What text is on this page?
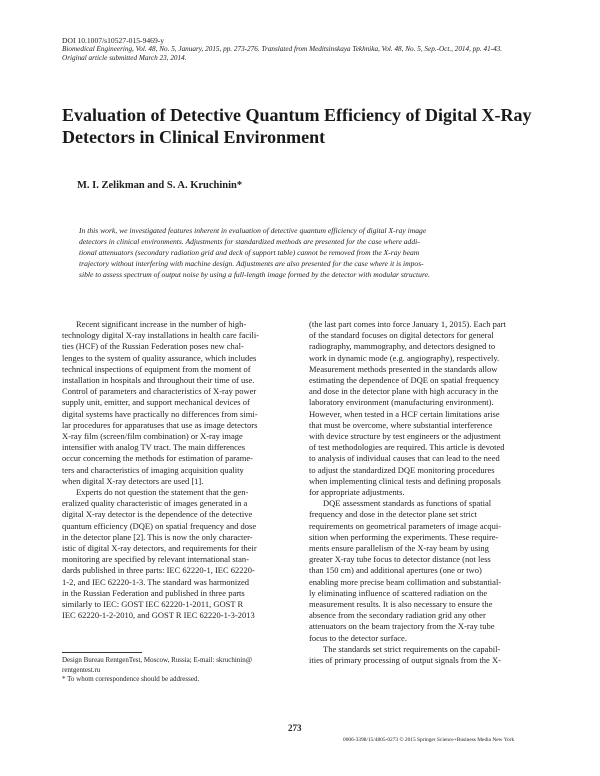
DOI 10.1007/s10527-015-9469-y
Biomedical Engineering, Vol. 48, No. 5, January, 2015, pp. 273-276. Translated from Meditsinskaya Tekhnika, Vol. 48, No. 5, Sep.-Oct., 2014, pp. 41-43.
Original article submitted March 23, 2014.
Evaluation of Detective Quantum Efficiency of Digital X-Ray
Detectors in Clinical Environment
M. I. Zelikman and S. A. Kruchinin*
In this work, we investigated features inherent in evaluation of detective quantum efficiency of digital X-ray image
detectors in clinical environments. Adjustments for standardized methods are presented for the case where addi-
tional attenuators (secondary radiation grid and deck of support table) cannot be removed from the X-ray beam
trajectory without interfering with machine design. Adjustments are also presented for the case where it is impos-
sible to assess spectrum of output noise by using a full-length image formed by the detector with modular structure.
Recent significant increase in the number of high-
technology digital X-ray installations in health care facili-
ties (HCF) of the Russian Federation poses new chal-
lenges to the system of quality assurance, which includes
technical inspections of equipment from the moment of
installation in hospitals and throughout their time of use.
Control of parameters and characteristics of X-ray power
supply unit, emitter, and support mechanical devices of
digital systems have practically no differences from simi-
lar procedures for apparatuses that use as image detectors
X-ray film (screen/film combination) or X-ray image
intensifier with analog TV tract. The main differences
occur concerning the methods for estimation of parame-
ters and characteristics of imaging acquisition quality
when digital X-ray detectors are used [1].
Experts do not question the statement that the gen-
eralized quality characteristic of images generated in a
digital X-ray detector is the dependence of the detective
quantum efficiency (DQE) on spatial frequency and dose
in the detector plane [2]. This is now the only character-
istic of digital X-ray detectors, and requirements for their
monitoring are specified by relevant international stan-
dards published in three parts: IEC 62220-1, IEC 62220-
1-2, and IEC 62220-1-3. The standard was harmonized
in the Russian Federation and published in three parts
similarly to IEC: GOST IEC 62220-1-2011, GOST R
IEC 62220-1-2-2010, and GOST R IEC 62220-1-3-2013
(the last part comes into force January 1, 2015). Each part
of the standard focuses on digital detectors for general
radiography, mammography, and detectors designed to
work in dynamic mode (e.g. angiography), respectively.
Measurement methods presented in the standards allow
estimating the dependence of DQE on spatial frequency
and dose in the detector plane with high accuracy in the
laboratory environment (manufacturing environment).
However, when tested in a HCF certain limitations arise
that must be overcome, where substantial interference
with device structure by test engineers or the adjustment
of test methodologies are required. This article is devoted
to analysis of individual causes that can lead to the need
to adjust the standardized DQE monitoring procedures
when implementing clinical tests and defining proposals
for appropriate adjustments.
DQE assessment standards as functions of spatial
frequency and dose in the detector plane set strict
requirements on geometrical parameters of image acqui-
sition when performing the experiments. These require-
ments ensure parallelism of the X-ray beam by using
greater X-ray tube focus to detector distance (not less
than 150 cm) and additional apertures (one or two)
enabling more precise beam collimation and substantial-
ly eliminating influence of scattered radiation on the
measurement results. It is also necessary to ensure the
absence from the secondary radiation grid any other
attenuators on the beam trajectory from the X-ray tube
focus to the detector surface.
The standards set strict requirements on the capabil-
ities of primary processing of output signals from the X-
Design Bureau RentgenTest, Moscow, Russia; E-mail: skruchinin@
rentgentest.ru
* To whom correspondence should be addressed.
273
0006-3398/15/4805-0273 © 2015 Springer Science+Business Media New York
